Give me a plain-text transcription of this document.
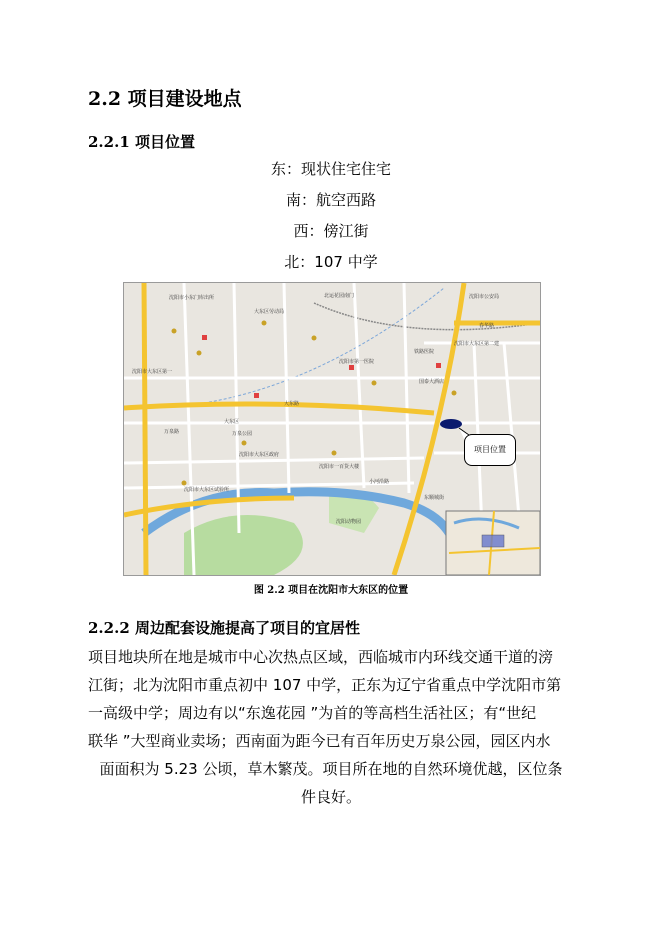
2.2 项目建设地点
2.2.1 项目位置
东：现状住宅住宅
南：航空西路
西：傍江街
北：107 中学
沈阳市小东门库出所
大东区劳动局
北运花园南门	沈阳市公安局
铁路医院
沈阳市大东区第二建
沈阳市第一医院
国泰大酒店
大东路
春华路
万泉公园
沈阳市大东区试验所
沈阳动物园
沈阳市一百货大楼
沈阳市大东区第一
沈阳市大东区政府
万泉路
大东区
小河沿路
东顺城街
项目位置
图 2.2 项目在沈阳市大东区的位置
2.2.2 周边配套设施提高了项目的宜居性

项目地块所在地是城市中心次热点区域，西临城市内环线交通干道的滂
江街；北为沈阳市重点初中 107 中学，正东为辽宁省重点中学沈阳市第
一高级中学；周边有以“东逸花园 ”为首的等高档生活社区；有“世纪
联华 ”大型商业卖场；西南面为距今已有百年历史万泉公园，园区内水
面面积为 5.23 公顷，草木繁茂。项目所在地的自然环境优越，区位条
件良好。
